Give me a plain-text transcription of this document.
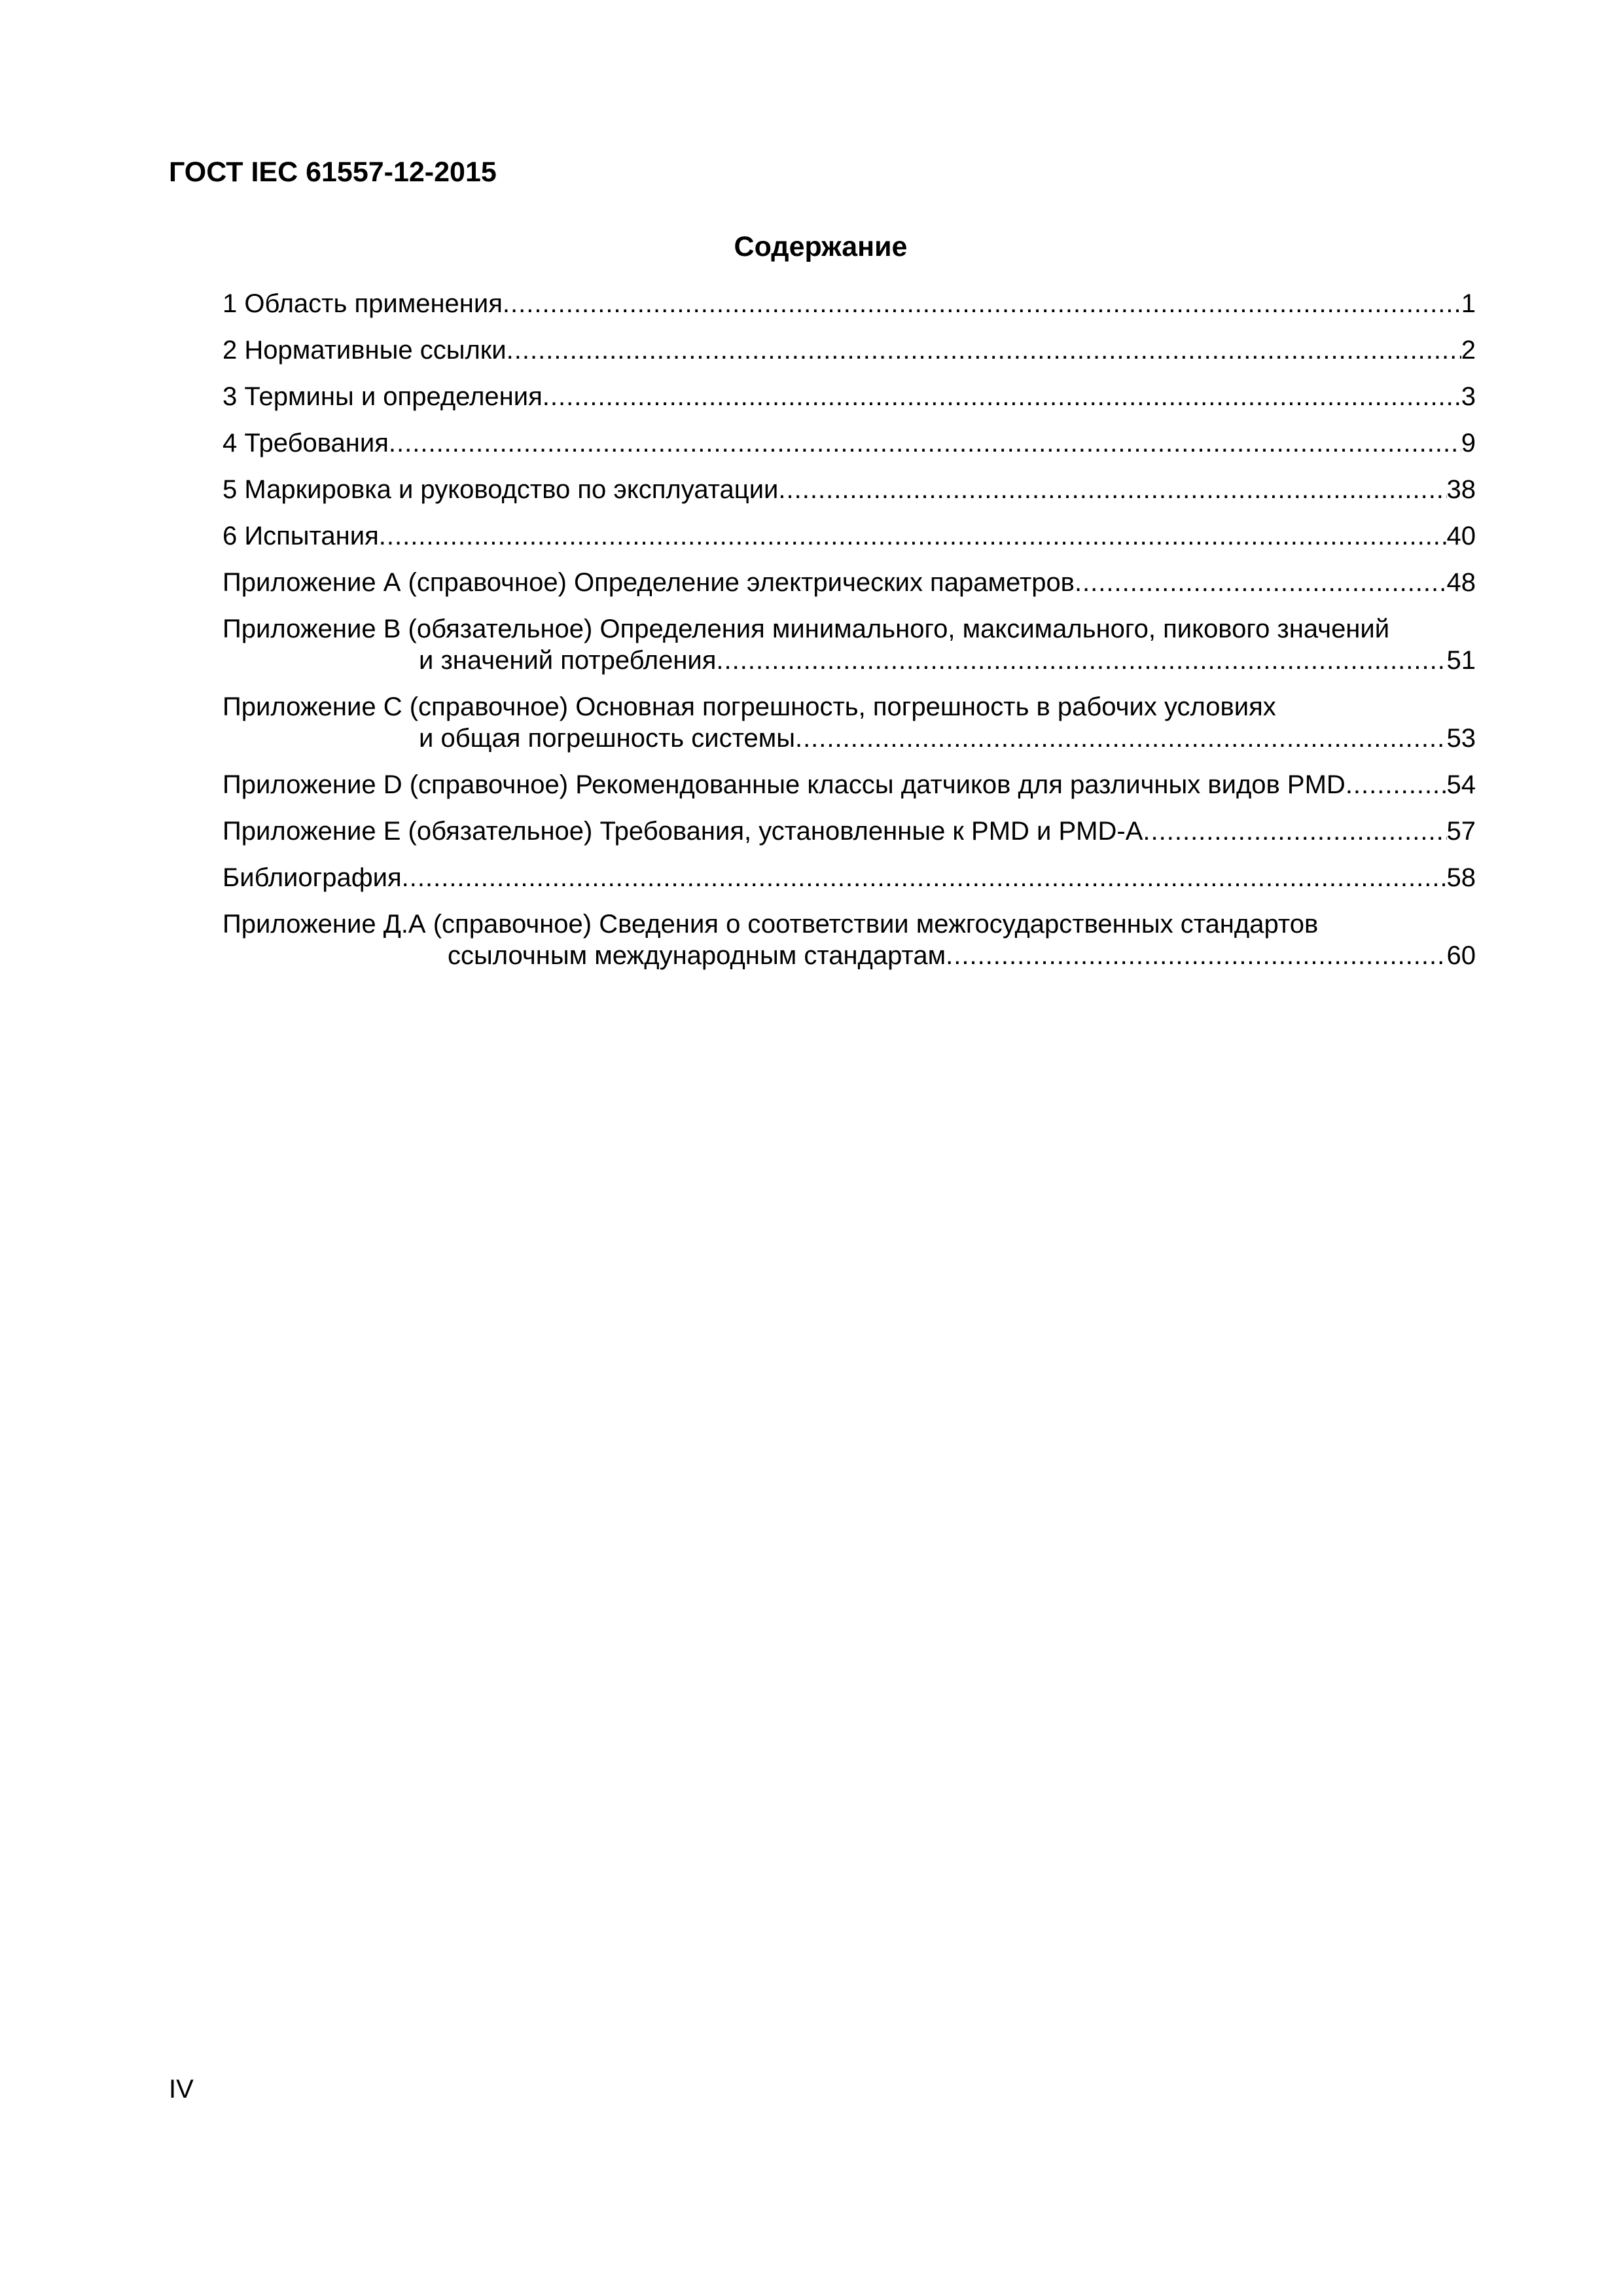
ГОСТ IEC 61557-12-2015
Содержание
1 Область применения .....	1
2 Нормативные ссылки .....	2
3 Термины и определения .....	3
4 Требования .....	9
5 Маркировка и руководство по эксплуатации .....	38
6 Испытания .....	40
Приложение А (справочное) Определение электрических параметров .....	48
Приложение В (обязательное) Определения минимального, максимального, пикового значений
и значений потребления .....	51
Приложение С (справочное) Основная погрешность, погрешность в рабочих условиях
и общая погрешность системы .....	53
Приложение D (справочное) Рекомендованные классы датчиков для различных видов PMD .....	54
Приложение Е (обязательное) Требования, установленные к PMD и PMD-A .....	57
Библиография .....	58
Приложение Д.А (справочное) Сведения о соответствии межгосударственных стандартов
ссылочным международным стандартам .....	60
IV
